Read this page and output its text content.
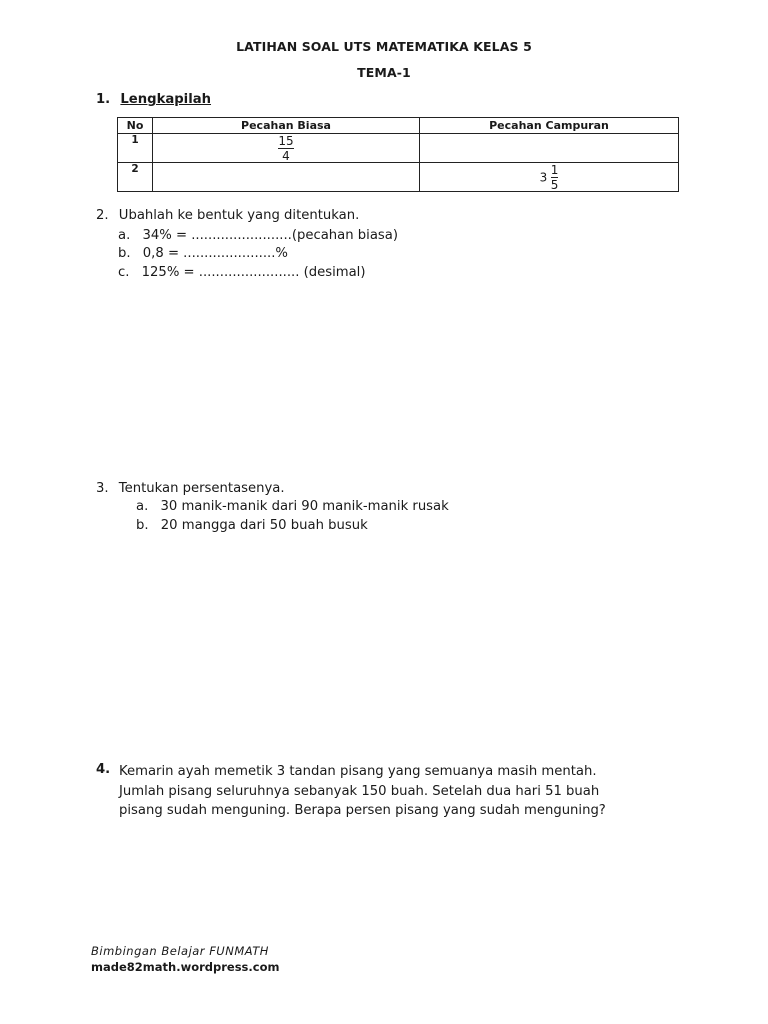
LATIHAN SOAL UTS MATEMATIKA KELAS 5
TEMA-1
1. Lengkapilah
No	Pecahan Biasa	Pecahan Campuran
1	$\frac{15}{4}$

2		$3 \frac{1}{5}$
2. Ubahlah ke bentuk yang ditentukan.
a. 34% = ........................(pecahan biasa)
b. 0,8 = ......................%
c. 125% = ........................ (desimal)
3. Tentukan persentasenya.
a. 30 manik-manik dari 90 manik-manik rusak
b. 20 mangga dari 50 buah busuk
4. Kemarin ayah memetik 3 tandan pisang yang semuanya masih mentah.
Jumlah pisang seluruhnya sebanyak 150 buah. Setelah dua hari 51 buah
pisang sudah menguning. Berapa persen pisang yang sudah menguning?
Bimbingan Belajar FUNMATH
made82math.wordpress.com
